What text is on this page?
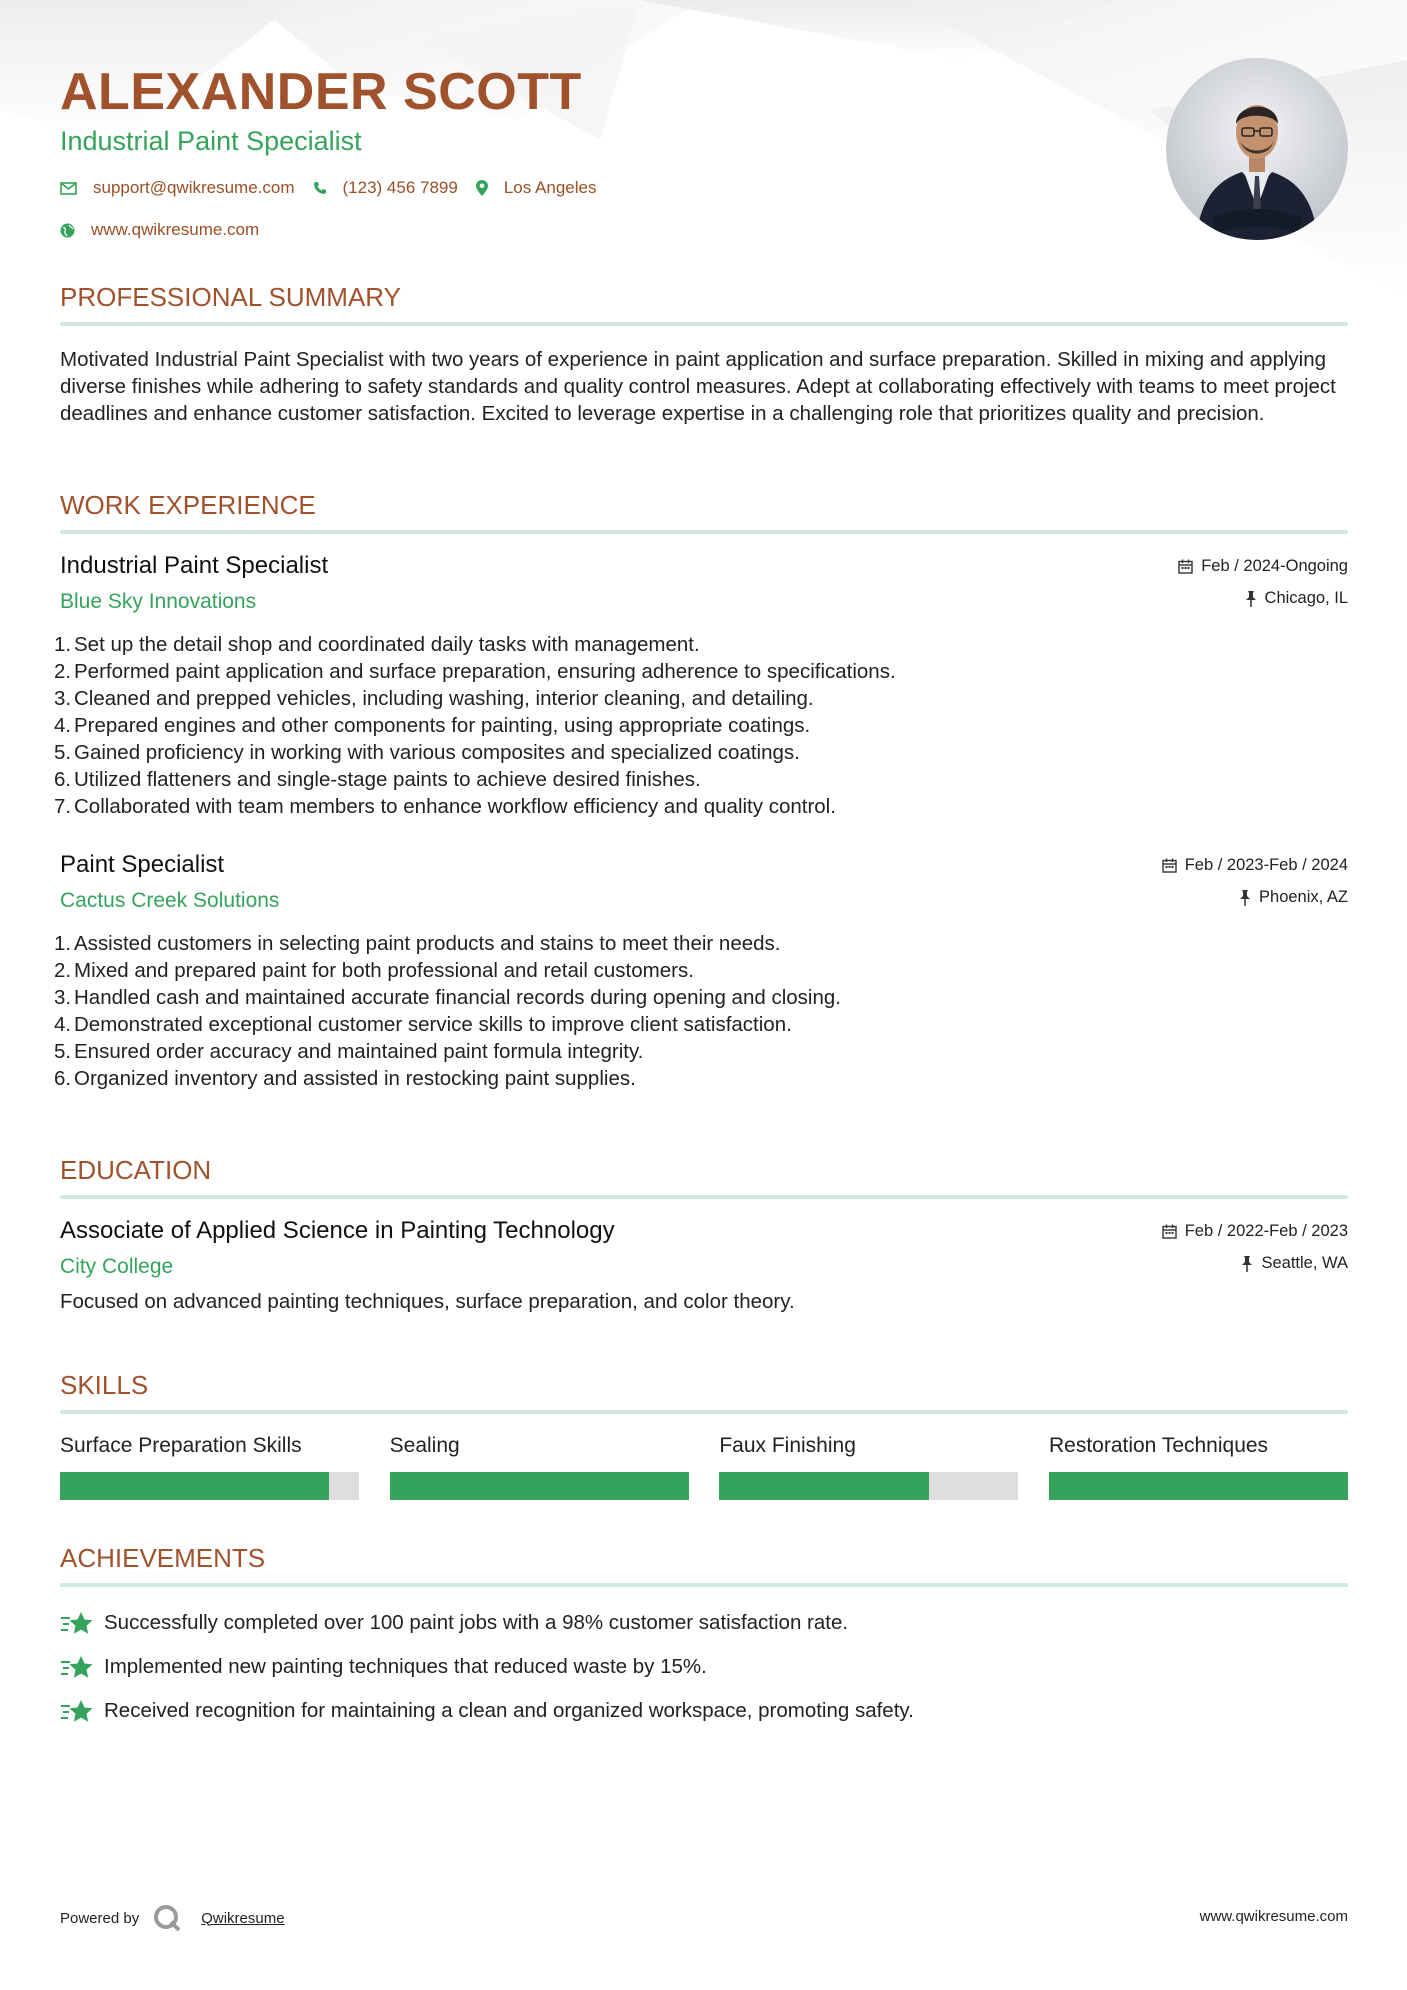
ALEXANDER SCOTT
Industrial Paint Specialist
support@qwikresume.com	(123) 456 7899	Los Angeles
www.qwikresume.com
PROFESSIONAL SUMMARY
Motivated Industrial Paint Specialist with two years of experience in paint application and surface preparation. Skilled in mixing and applying diverse finishes while adhering to safety standards and quality control measures. Adept at collaborating effectively with teams to meet project deadlines and enhance customer satisfaction. Excited to leverage expertise in a challenging role that prioritizes quality and precision.
WORK EXPERIENCE
Industrial Paint Specialist
Blue Sky Innovations
Feb / 2024-Ongoing
Chicago, IL
1. Set up the detail shop and coordinated daily tasks with management.
2. Performed paint application and surface preparation, ensuring adherence to specifications.
3. Cleaned and prepped vehicles, including washing, interior cleaning, and detailing.
4. Prepared engines and other components for painting, using appropriate coatings.
5. Gained proficiency in working with various composites and specialized coatings.
6. Utilized flatteners and single-stage paints to achieve desired finishes.
7. Collaborated with team members to enhance workflow efficiency and quality control.
Paint Specialist
Cactus Creek Solutions
Feb / 2023-Feb / 2024
Phoenix, AZ
1. Assisted customers in selecting paint products and stains to meet their needs.
2. Mixed and prepared paint for both professional and retail customers.
3. Handled cash and maintained accurate financial records during opening and closing.
4. Demonstrated exceptional customer service skills to improve client satisfaction.
5. Ensured order accuracy and maintained paint formula integrity.
6. Organized inventory and assisted in restocking paint supplies.
EDUCATION
Associate of Applied Science in Painting Technology
City College
Feb / 2022-Feb / 2023
Seattle, WA
Focused on advanced painting techniques, surface preparation, and color theory.
SKILLS
Surface Preparation Skills	Sealing	Faux Finishing	Restoration Techniques
ACHIEVEMENTS
Successfully completed over 100 paint jobs with a 98% customer satisfaction rate.
Implemented new painting techniques that reduced waste by 15%.
Received recognition for maintaining a clean and organized workspace, promoting safety.
Powered by	Qwikresume	www.qwikresume.com
